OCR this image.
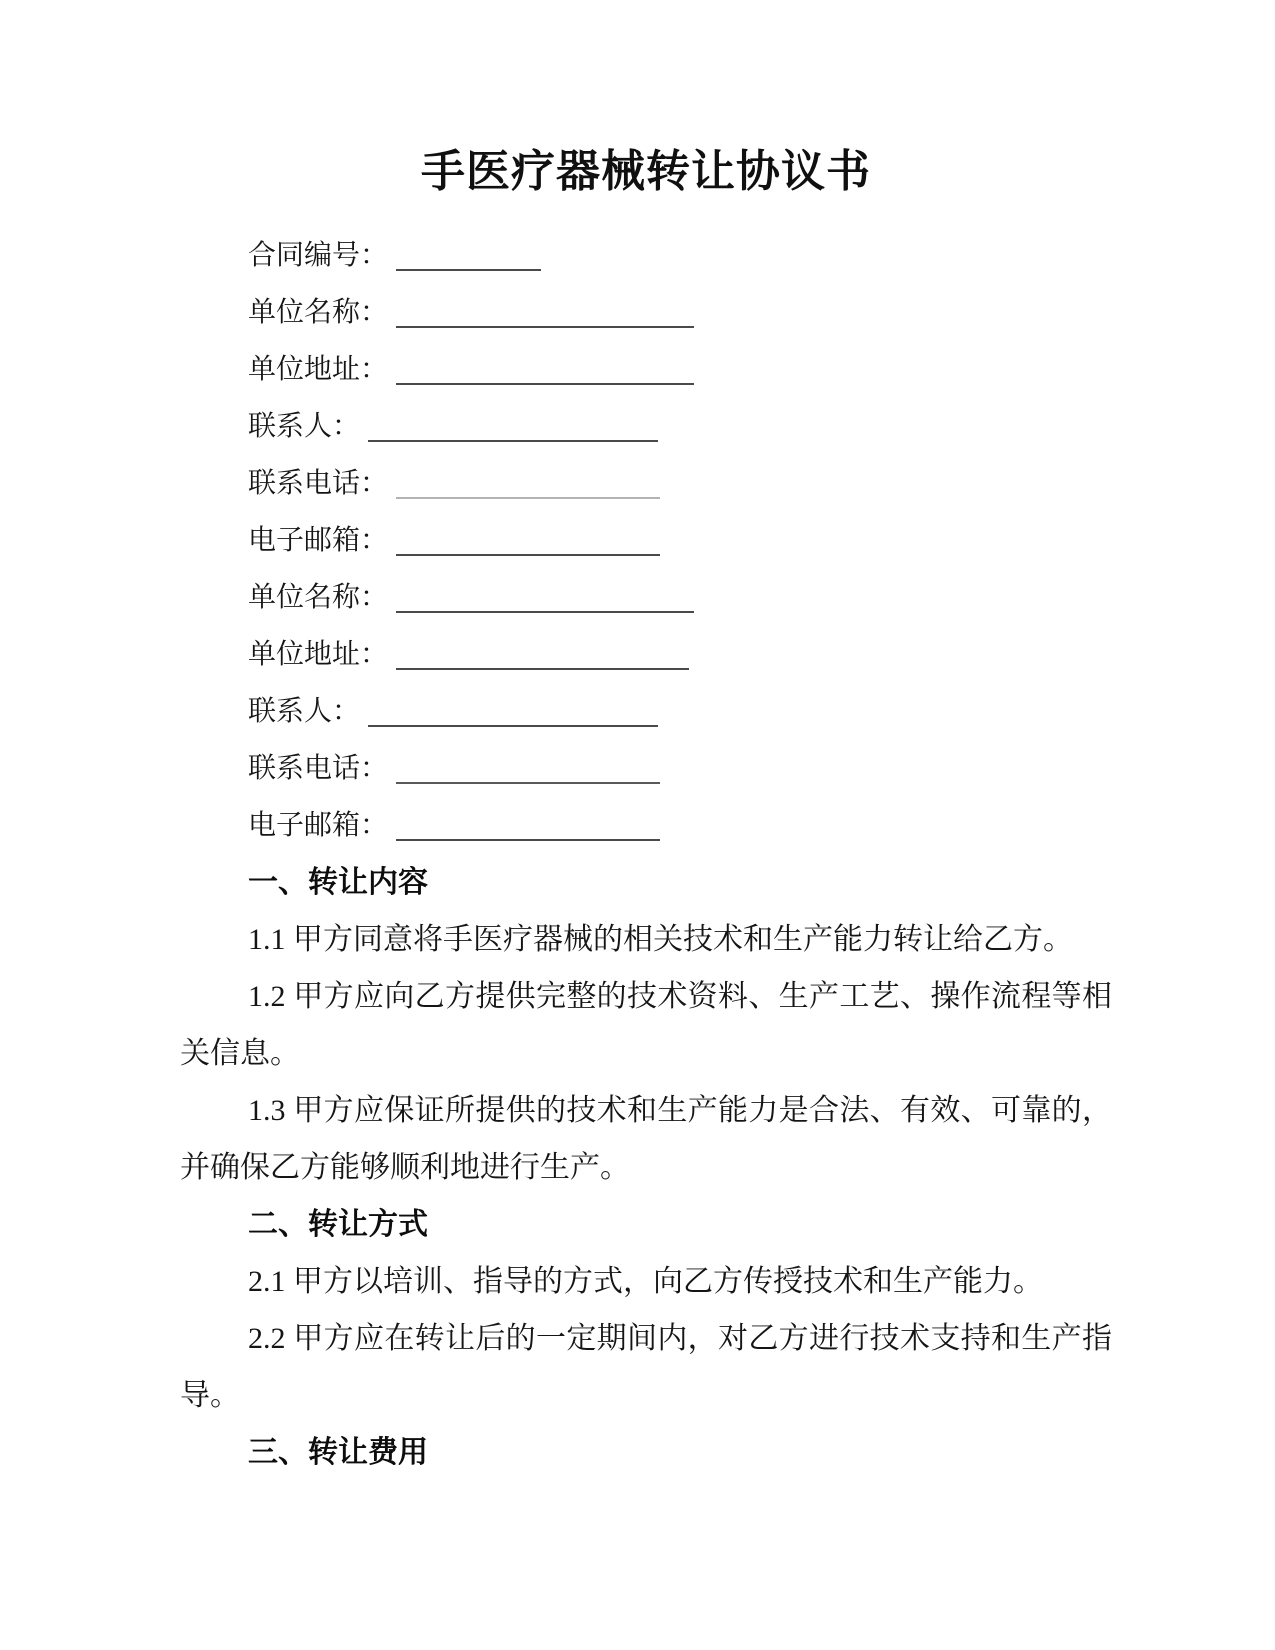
手医疗器械转让协议书
合同编号：
单位名称：
单位地址：
联系人：
联系电话：
电子邮箱：
单位名称：
单位地址：
联系人：
联系电话：
电子邮箱：
一、转让内容

1.1 甲方同意将手医疗器械的相关技术和生产能力转让给乙方。

1.2 甲方应向乙方提供完整的技术资料、生产工艺、操作流程等相关信息。

1.3 甲方应保证所提供的技术和生产能力是合法、有效、可靠的，并确保乙方能够顺利地进行生产。

二、转让方式

2.1 甲方以培训、指导的方式，向乙方传授技术和生产能力。

2.2 甲方应在转让后的一定期间内，对乙方进行技术支持和生产指导。

三、转让费用
